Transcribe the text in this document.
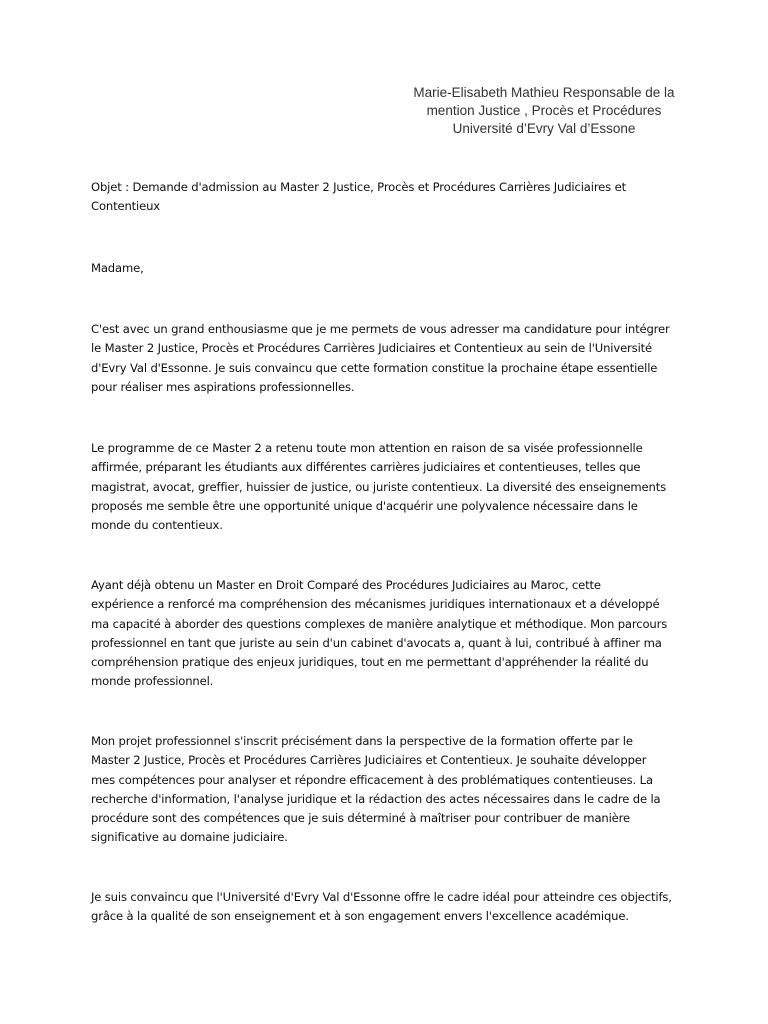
Marie-Elisabeth Mathieu Responsable de la
mention Justice , Procès et Procédures
Université d’Evry Val d’Essone
Objet : Demande d'admission au Master 2 Justice, Procès et Procédures Carrières Judiciaires et
Contentieux
Madame,
C'est avec un grand enthousiasme que je me permets de vous adresser ma candidature pour intégrer
le Master 2 Justice, Procès et Procédures Carrières Judiciaires et Contentieux au sein de l'Université
d'Evry Val d'Essonne. Je suis convaincu que cette formation constitue la prochaine étape essentielle
pour réaliser mes aspirations professionnelles.
Le programme de ce Master 2 a retenu toute mon attention en raison de sa visée professionnelle
affirmée, préparant les étudiants aux différentes carrières judiciaires et contentieuses, telles que
magistrat, avocat, greffier, huissier de justice, ou juriste contentieux. La diversité des enseignements
proposés me semble être une opportunité unique d'acquérir une polyvalence nécessaire dans le
monde du contentieux.
Ayant déjà obtenu un Master en Droit Comparé des Procédures Judiciaires au Maroc, cette
expérience a renforcé ma compréhension des mécanismes juridiques internationaux et a développé
ma capacité à aborder des questions complexes de manière analytique et méthodique. Mon parcours
professionnel en tant que juriste au sein d'un cabinet d'avocats a, quant à lui, contribué à affiner ma
compréhension pratique des enjeux juridiques, tout en me permettant d'appréhender la réalité du
monde professionnel.
Mon projet professionnel s'inscrit précisément dans la perspective de la formation offerte par le
Master 2 Justice, Procès et Procédures Carrières Judiciaires et Contentieux. Je souhaite développer
mes compétences pour analyser et répondre efficacement à des problématiques contentieuses. La
recherche d'information, l'analyse juridique et la rédaction des actes nécessaires dans le cadre de la
procédure sont des compétences que je suis déterminé à maîtriser pour contribuer de manière
significative au domaine judiciaire.
Je suis convaincu que l'Université d'Evry Val d'Essonne offre le cadre idéal pour atteindre ces objectifs,
grâce à la qualité de son enseignement et à son engagement envers l'excellence académique.
